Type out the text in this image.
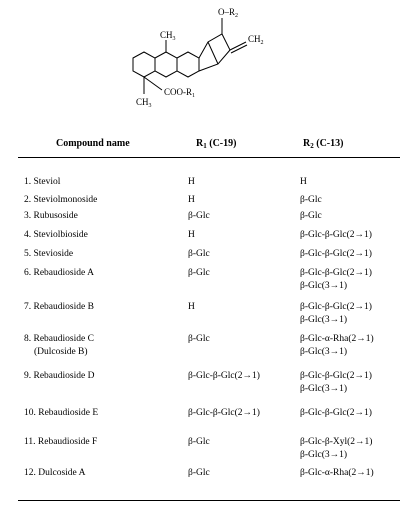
$O-R_2$
$CH_2$
$CH_3$
$CH_3$
COO-$R_1$
Compound name	$R_1$ (C-19)	$R_2$ (C-13)
1. Steviol	H	H
2. Steviolmonoside	H	β-Glc
3. Rubusoside	β-Glc	β-Glc
4. Steviolbioside	H	β-Glc-β-Glc(2→1)
5. Stevioside	β-Glc	β-Glc-β-Glc(2→1)
6. Rebaudioside A	β-Glc	β-Glc-β-Glc(2→1)
β-Glc(3→1)
7. Rebaudioside B	H	β-Glc-β-Glc(2→1)
β-Glc(3→1)
8. Rebaudioside C
(Dulcoside B)
β-Glc	β-Glc-α-Rha(2→1)
β-Glc(3→1)
9. Rebaudioside D	β-Glc-β-Glc(2→1)	β-Glc-β-Glc(2→1)
β-Glc(3→1)
10. Rebaudioside E	β-Glc-β-Glc(2→1)	β-Glc-β-Glc(2→1)
11. Rebaudioside F	β-Glc	β-Glc-β-Xyl(2→1)
β-Glc(3→1)
12. Dulcoside A	β-Glc	β-Glc-α-Rha(2→1)
